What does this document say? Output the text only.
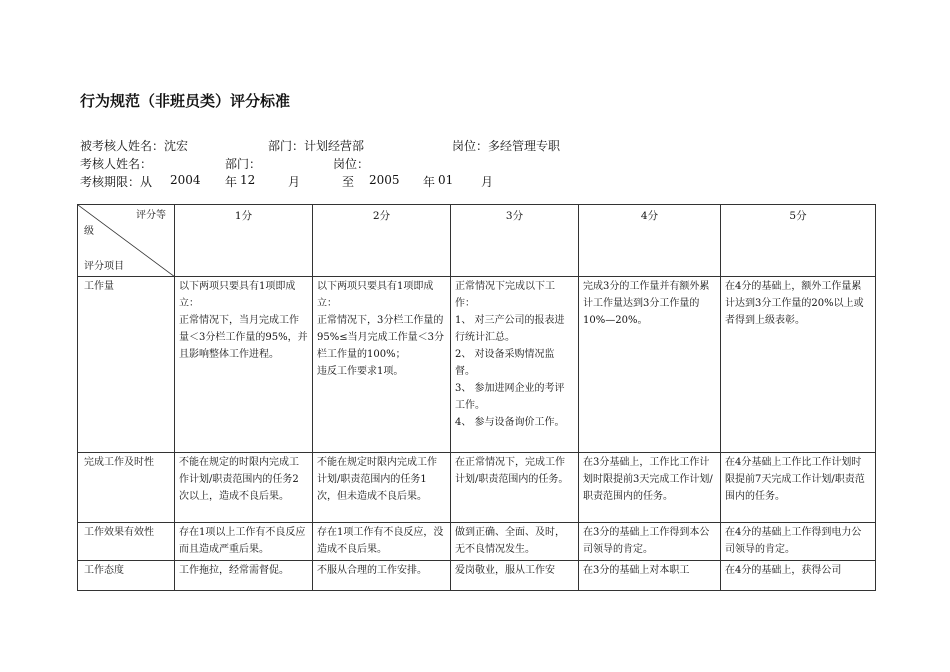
行为规范（非班员类）评分标准
被考核人姓名：沈宏	部门：计划经营部	岗位：多经管理专职
考核人姓名：	部门：	岗位：
考核期限：从 2004 年 12	月	至 2005 年 01 月
评分等
级
评分项目	1分	2分	3分	4分	5分
工作量	以下两项只要具有1项即成立：
正常情况下，当月完成工作量＜3分栏工作量的95%，并且影响整体工作进程。	以下两项只要具有1项即成立：
正常情况下，3分栏工作量的95%≤当月完成工作量＜3分栏工作量的100%；
违反工作要求1项。	正常情况下完成以下工作：
1、 对三产公司的报表进行统计汇总。
2、 对设备采购情况监督。
3、 参加进网企业的考评工作。
4、 参与设备询价工作。	完成3分的工作量并有额外累计工作量达到3分工作量的10%—20%。	在4分的基础上，额外工作量累计达到3分工作量的20%以上或者得到上级表彰。
完成工作及时性	不能在规定的时限内完成工作计划/职责范围内的任务2次以上，造成不良后果。	不能在规定时限内完成工作计划/职责范围内的任务1次，但未造成不良后果。	在正常情况下，完成工作计划/职责范围内的任务。	在3分基础上，工作比工作计划时限提前3天完成工作计划/职责范围内的任务。	在4分基础上工作比工作计划时限提前7天完成工作计划/职责范围内的任务。
工作效果有效性	存在1项以上工作有不良反应而且造成严重后果。	存在1项工作有不良反应，没造成不良后果。	做到正确、全面、及时，无不良情况发生。	在3分的基础上工作得到本公司领导的肯定。	在4分的基础上工作得到电力公司领导的肯定。
工作态度	工作拖拉，经常需督促。	不服从合理的工作安排。	爱岗敬业，服从工作安	在3分的基础上对本职工	在4分的基础上，获得公司
